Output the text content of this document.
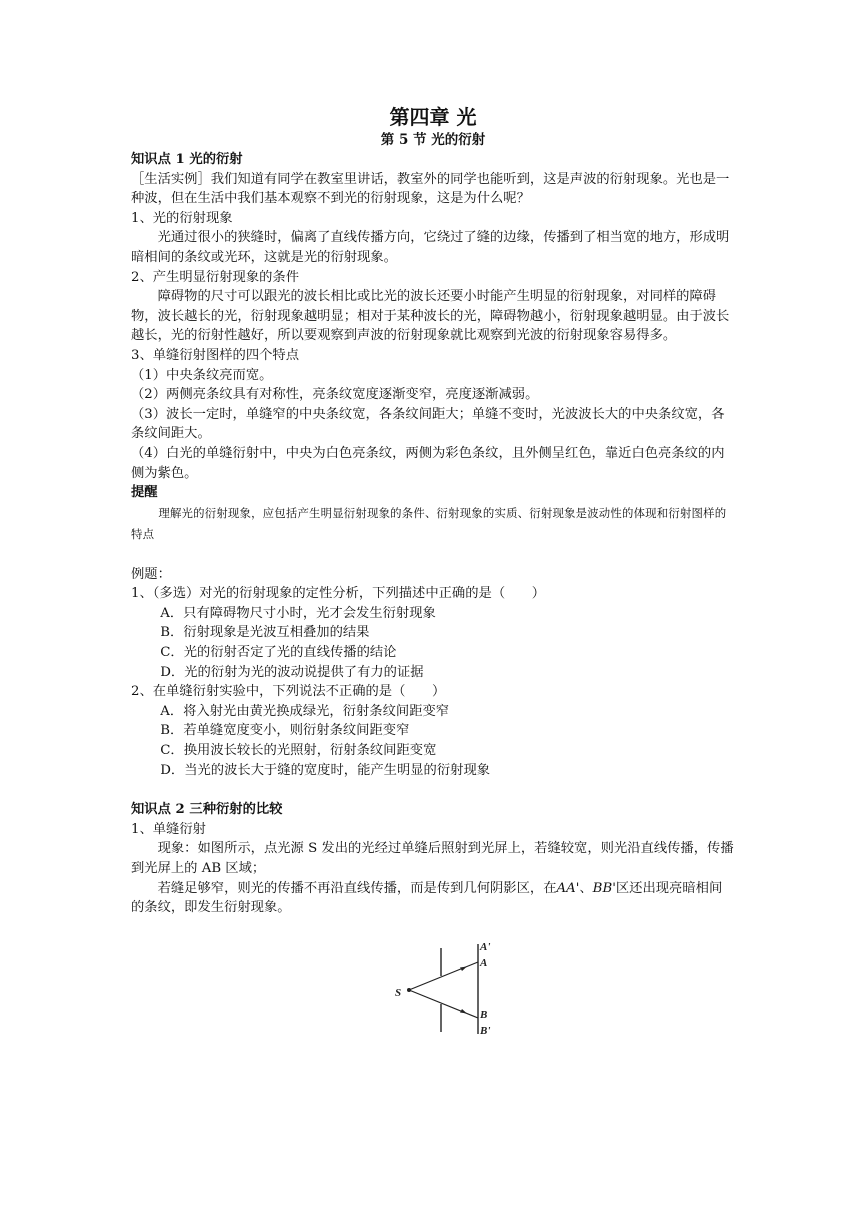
第四章 光

第 5 节 光的衍射

知识点 1 光的衍射

［生活实例］我们知道有同学在教室里讲话，教室外的同学也能听到，这是声波的衍射现象。光也是一种波，但在生活中我们基本观察不到光的衍射现象，这是为什么呢？

1、光的衍射现象

光通过很小的狭缝时，偏离了直线传播方向，它绕过了缝的边缘，传播到了相当宽的地方，形成明暗相间的条纹或光环，这就是光的衍射现象。

2、产生明显衍射现象的条件

障碍物的尺寸可以跟光的波长相比或比光的波长还要小时能产生明显的衍射现象，对同样的障碍物，波长越长的光，衍射现象越明显；相对于某种波长的光，障碍物越小，衍射现象越明显。由于波长越长，光的衍射性越好，所以要观察到声波的衍射现象就比观察到光波的衍射现象容易得多。

3、单缝衍射图样的四个特点

（1）中央条纹亮而宽。

（2）两侧亮条纹具有对称性，亮条纹宽度逐渐变窄，亮度逐渐减弱。

（3）波长一定时，单缝窄的中央条纹宽，各条纹间距大；单缝不变时，光波波长大的中央条纹宽，各条纹间距大。

（4）白光的单缝衍射中，中央为白色亮条纹，两侧为彩色条纹，且外侧呈红色，靠近白色亮条纹的内侧为紫色。

提醒

理解光的衍射现象，应包括产生明显衍射现象的条件、衍射现象的实质、衍射现象是波动性的体现和衍射图样的特点

例题：

1、（多选）对光的衍射现象的定性分析，下列描述中正确的是（　　）

A．只有障碍物尺寸小时，光才会发生衍射现象

B．衍射现象是光波互相叠加的结果

C．光的衍射否定了光的直线传播的结论

D．光的衍射为光的波动说提供了有力的证据

2、在单缝衍射实验中，下列说法不正确的是（　　）

A．将入射光由黄光换成绿光，衍射条纹间距变窄

B．若单缝宽度变小，则衍射条纹间距变窄

C．换用波长较长的光照射，衍射条纹间距变宽

D．当光的波长大于缝的宽度时，能产生明显的衍射现象

知识点 2 三种衍射的比较

1、单缝衍射

现象：如图所示，点光源 S 发出的光经过单缝后照射到光屏上，若缝较宽，则光沿直线传播，传播到光屏上的 AB 区域；

若缝足够窄，则光的传播不再沿直线传播，而是传到几何阴影区，在AA'、BB'区还出现亮暗相间的条纹，即发生衍射现象。

S
A'
A
B
B'
